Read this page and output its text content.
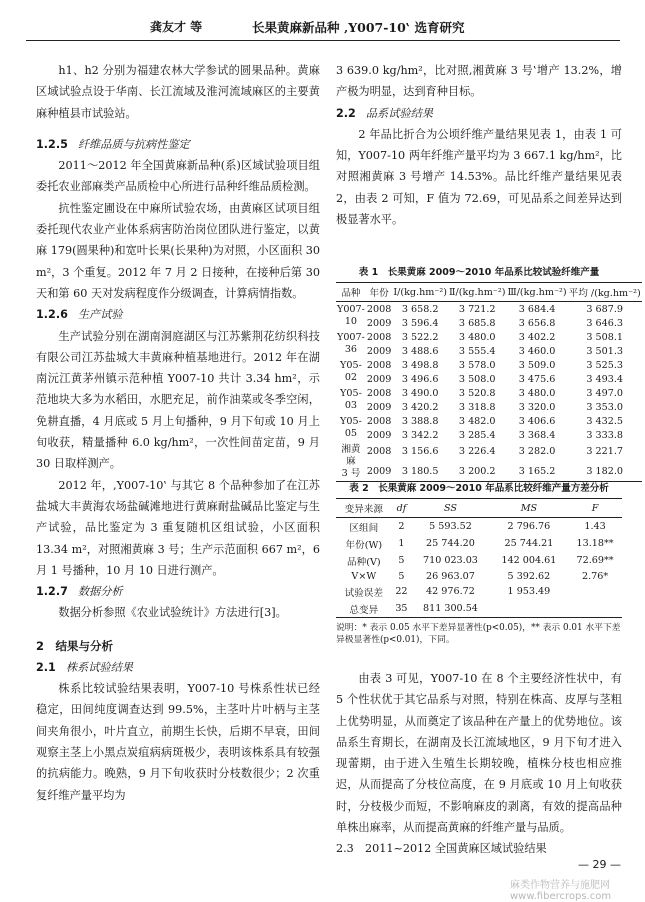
龚友才 等	长果黄麻新品种 ‚Y007-10‛ 选育研究

h1、h2 分别为福建农林大学参试的圆果品种。黄麻区域试验点设于华南、长江流域及淮河流域麻区的主要黄麻种植县市试验站。

1.2.5 纤维品质与抗病性鉴定

2011～2012 年全国黄麻新品种(系)区域试验项目组委托农业部麻类产品质检中心所进行品种纤维品质检测。

抗性鉴定圃设在中麻所试验农场，由黄麻区试项目组委托现代农业产业体系病害防治岗位团队进行鉴定，以黄麻 179(圆果种)和宽叶长果(长果种)为对照，小区面积 30 m²，3 个重复。2012 年 7 月 2 日接种，在接种后第 30 天和第 60 天对发病程度作分级调查，计算病情指数。

1.2.6 生产试验

生产试验分别在湖南洞庭湖区与江苏紫荆花纺织科技有限公司江苏盐城大丰黄麻种植基地进行。2012 年在湖南沅江黄茅州镇示范种植 Y007-10 共计 3.34 hm²，示范地块大多为水稻田，水肥充足，前作油菜或冬季空闲，免耕直播，4 月底或 5 月上旬播种，9 月下旬或 10 月上旬收获，精量播种 6.0 kg/hm²，一次性间苗定苗，9 月 30 日取样测产。

2012 年，‚Y007-10‛ 与其它 8 个品种参加了在江苏盐城大丰黄海农场盐碱滩地进行黄麻耐盐碱品比鉴定与生产试验，品比鉴定为 3 重复随机区组试验，小区面积 13.34 m²，对照湘黄麻 3 号；生产示范面积 667 m²，6 月 1 号播种，10 月 10 日进行测产。

1.2.7 数据分析

数据分析参照《农业试验统计》方法进行[3]。

2　结果与分析
2.1 株系试验结果

株系比较试验结果表明，Y007-10 号株系性状已经稳定，田间纯度调查达到 99.5%，主茎叶片叶柄与主茎间夹角很小，叶片直立，前期生长快，后期不早衰，田间观察主茎上小黑点炭疽病病斑极少，表明该株系具有较强的抗病能力。晚熟，9 月下旬收获时分枝数很少；2 次重复纤维产量平均为

3 639.0 kg/hm²，比对照‚湘黄麻 3 号‛增产 13.2%，增产极为明显，达到育种目标。

2.2 品系试验结果

2 年品比折合为公顷纤维产量结果见表 1，由表 1 可知，Y007-10 两年纤维产量平均为 3 667.1 kg/hm²，比对照湘黄麻 3 号增产 14.53%。品比纤维产量结果见表 2，由表 2 可知，F 值为 72.69，可见品系之间差异达到极显著水平。

表 1　长果黄麻 2009～2010 年品系比较试验纤维产量
品种	年份	Ⅰ/(kg.hm⁻²)	Ⅱ/(kg.hm⁻²)	Ⅲ/(kg.hm⁻²)	平均 /(kg.hm⁻²)
Y007-10	2008	3 658.2	3 721.2	3 684.4	3 687.9
	2009	3 596.4	3 685.8	3 656.8	3 646.3
Y007-36	2008	3 522.2	3 480.0	3 402.2	3 508.1
	2009	3 488.6	3 555.4	3 460.0	3 501.3
Y05-02	2008	3 498.8	3 578.0	3 509.0	3 525.3
	2009	3 496.6	3 508.0	3 475.6	3 493.4
Y05-03	2008	3 490.0	3 520.8	3 480.0	3 497.0
	2009	3 420.2	3 318.8	3 320.0	3 353.0
Y05-05	2008	3 388.8	3 482.0	3 406.6	3 432.5
	2009	3 342.2	3 285.4	3 368.4	3 333.8
湘黄麻
3 号	2008	3 156.6	3 226.4	3 282.0	3 221.7
	2009	3 180.5	3 200.2	3 165.2	3 182.0
表 2　长果黄麻 2009～2010 年品系比较纤维产量方差分析
变异来源	df	SS	MS	F
区组间	2	5 593.52	2 796.76	1.43
年份(W)	1	25 744.20	25 744.21	13.18**
品种(V)	5	710 023.03	142 004.61	72.69**
V×W	5	26 963.07	5 392.62	2.76*
试验误差	22	42 976.72	1 953.49	
总变异	35	811 300.54		
说明：* 表示 0.05 水平下差异显著性(p<0.05)，** 表示 0.01 水平下差异极显著性(p<0.01)，下同。

由表 3 可见，Y007-10 在 8 个主要经济性状中，有 5 个性状优于其它品系与对照，特别在株高、皮厚与茎粗上优势明显，从而奠定了该品种在产量上的优势地位。该品系生育期长，在湖南及长江流域地区，9 月下旬才进入现蕾期，由于进入生殖生长期较晚，植株分枝也相应推迟，从而提高了分枝位高度，在 9 月底或 10 月上旬收获时，分枝极少而短，不影响麻皮的剥离，有效的提高品种单株出麻率，从而提高黄麻的纤维产量与品质。

2.3　2011~2012 全国黄麻区域试验结果
— 29 —
麻类作物营养与施肥网 www.fibercrops.com
